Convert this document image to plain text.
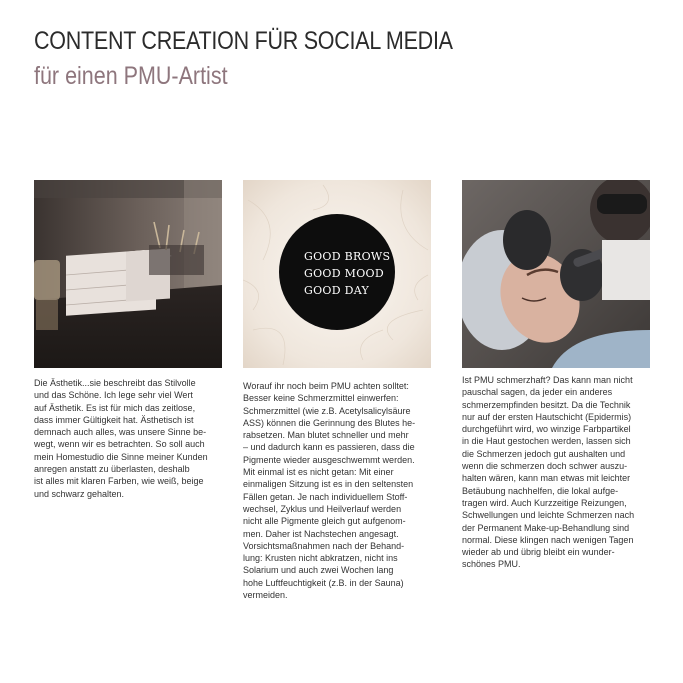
CONTENT CREATION FÜR SOCIAL MEDIA
für einen PMU-Artist
Die Ästhetik...sie beschreibt das Stilvolle
und das Schöne. Ich lege sehr viel Wert
auf Ästhetik. Es ist für mich das zeitlose,
dass immer Gültigkeit hat. Ästhetisch ist
demnach auch alles, was unsere Sinne be-
wegt, wenn wir es betrachten. So soll auch
mein Homestudio die Sinne meiner Kunden
anregen anstatt zu überlasten, deshalb
ist alles mit klaren Farben, wie weiß, beige
und schwarz gehalten.
GOOD BROWS
GOOD MOOD
GOOD DAY
Worauf ihr noch beim PMU achten solltet:
Besser keine Schmerzmittel einwerfen:
Schmerzmittel (wie z.B. Acetylsalicylsäure
ASS) können die Gerinnung des Blutes he-
rabsetzen. Man blutet schneller und mehr
– und dadurch kann es passieren, dass die
Pigmente wieder ausgeschwemmt werden.
Mit einmal ist es nicht getan: Mit einer
einmaligen Sitzung ist es in den seltensten
Fällen getan. Je nach individuellem Stoff-
wechsel, Zyklus und Heilverlauf werden
nicht alle Pigmente gleich gut aufgenom-
men. Daher ist Nachstechen angesagt.
Vorsichtsmaßnahmen nach der Behand-
lung: Krusten nicht abkratzen, nicht ins
Solarium und auch zwei Wochen lang
hohe Luftfeuchtigkeit (z.B. in der Sauna)
vermeiden.
Ist PMU schmerzhaft? Das kann man nicht
pauschal sagen, da jeder ein anderes
schmerzempfinden besitzt. Da die Technik
nur auf der ersten Hautschicht (Epidermis)
durchgeführt wird, wo winzige Farbpartikel
in die Haut gestochen werden, lassen sich
die Schmerzen jedoch gut aushalten und
wenn die schmerzen doch schwer auszu-
halten wären, kann man etwas mit leichter
Betäubung nachhelfen, die lokal aufge-
tragen wird. Auch Kurzzeitige Reizungen,
Schwellungen und leichte Schmerzen nach
der Permanent Make-up-Behandlung sind
normal. Diese klingen nach wenigen Tagen
wieder ab und übrig bleibt ein wunder-
schönes PMU.
